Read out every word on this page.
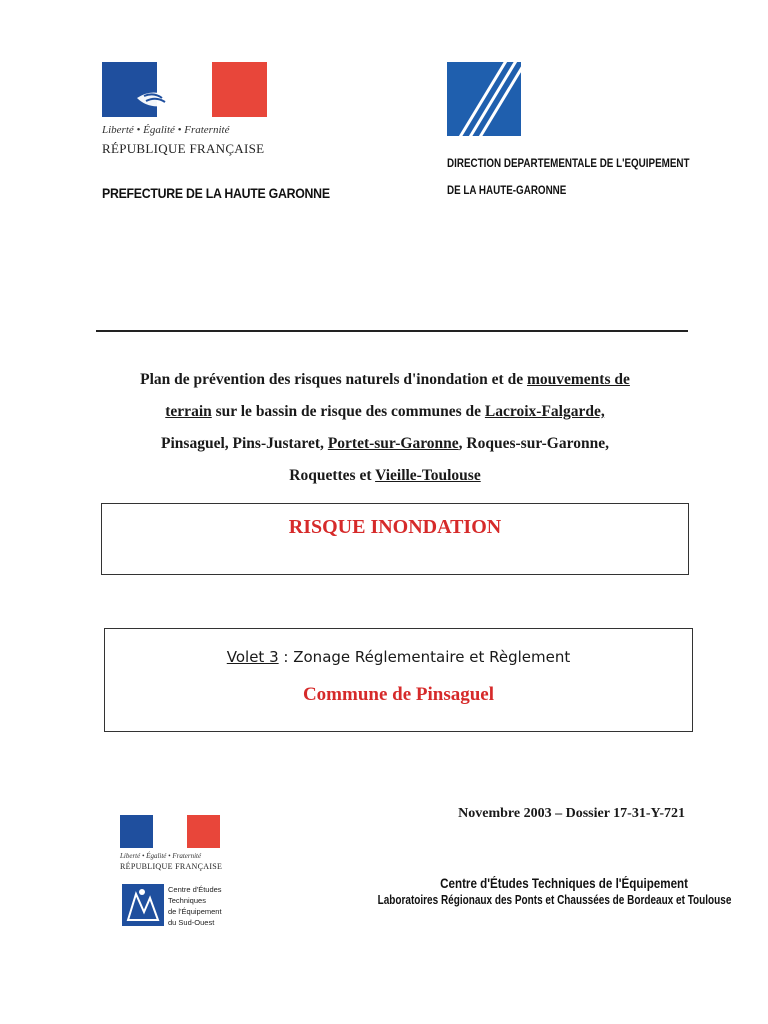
Liberté • Égalité • Fraternité
RÉPUBLIQUE FRANÇAISE
PREFECTURE DE LA HAUTE GARONNE
DIRECTION DEPARTEMENTALE DE L'EQUIPEMENT
DE LA HAUTE-GARONNE
Plan de prévention des risques naturels d'inondation et de mouvements de
terrain sur le bassin de risque des communes de Lacroix-Falgarde,
Pinsaguel, Pins-Justaret, Portet-sur-Garonne, Roques-sur-Garonne,
Roquettes et Vieille-Toulouse
RISQUE INONDATION
Volet 3 : Zonage Réglementaire et Règlement
Commune de Pinsaguel
Novembre 2003 – Dossier 17-31-Y-721
Liberté • Égalité • Fraternité
RÉPUBLIQUE FRANÇAISE
Centre d'Études
Techniques
de l'Équipement
du Sud-Ouest
Centre d'Études Techniques de l'Équipement
Laboratoires Régionaux des Ponts et Chaussées de Bordeaux et Toulouse
